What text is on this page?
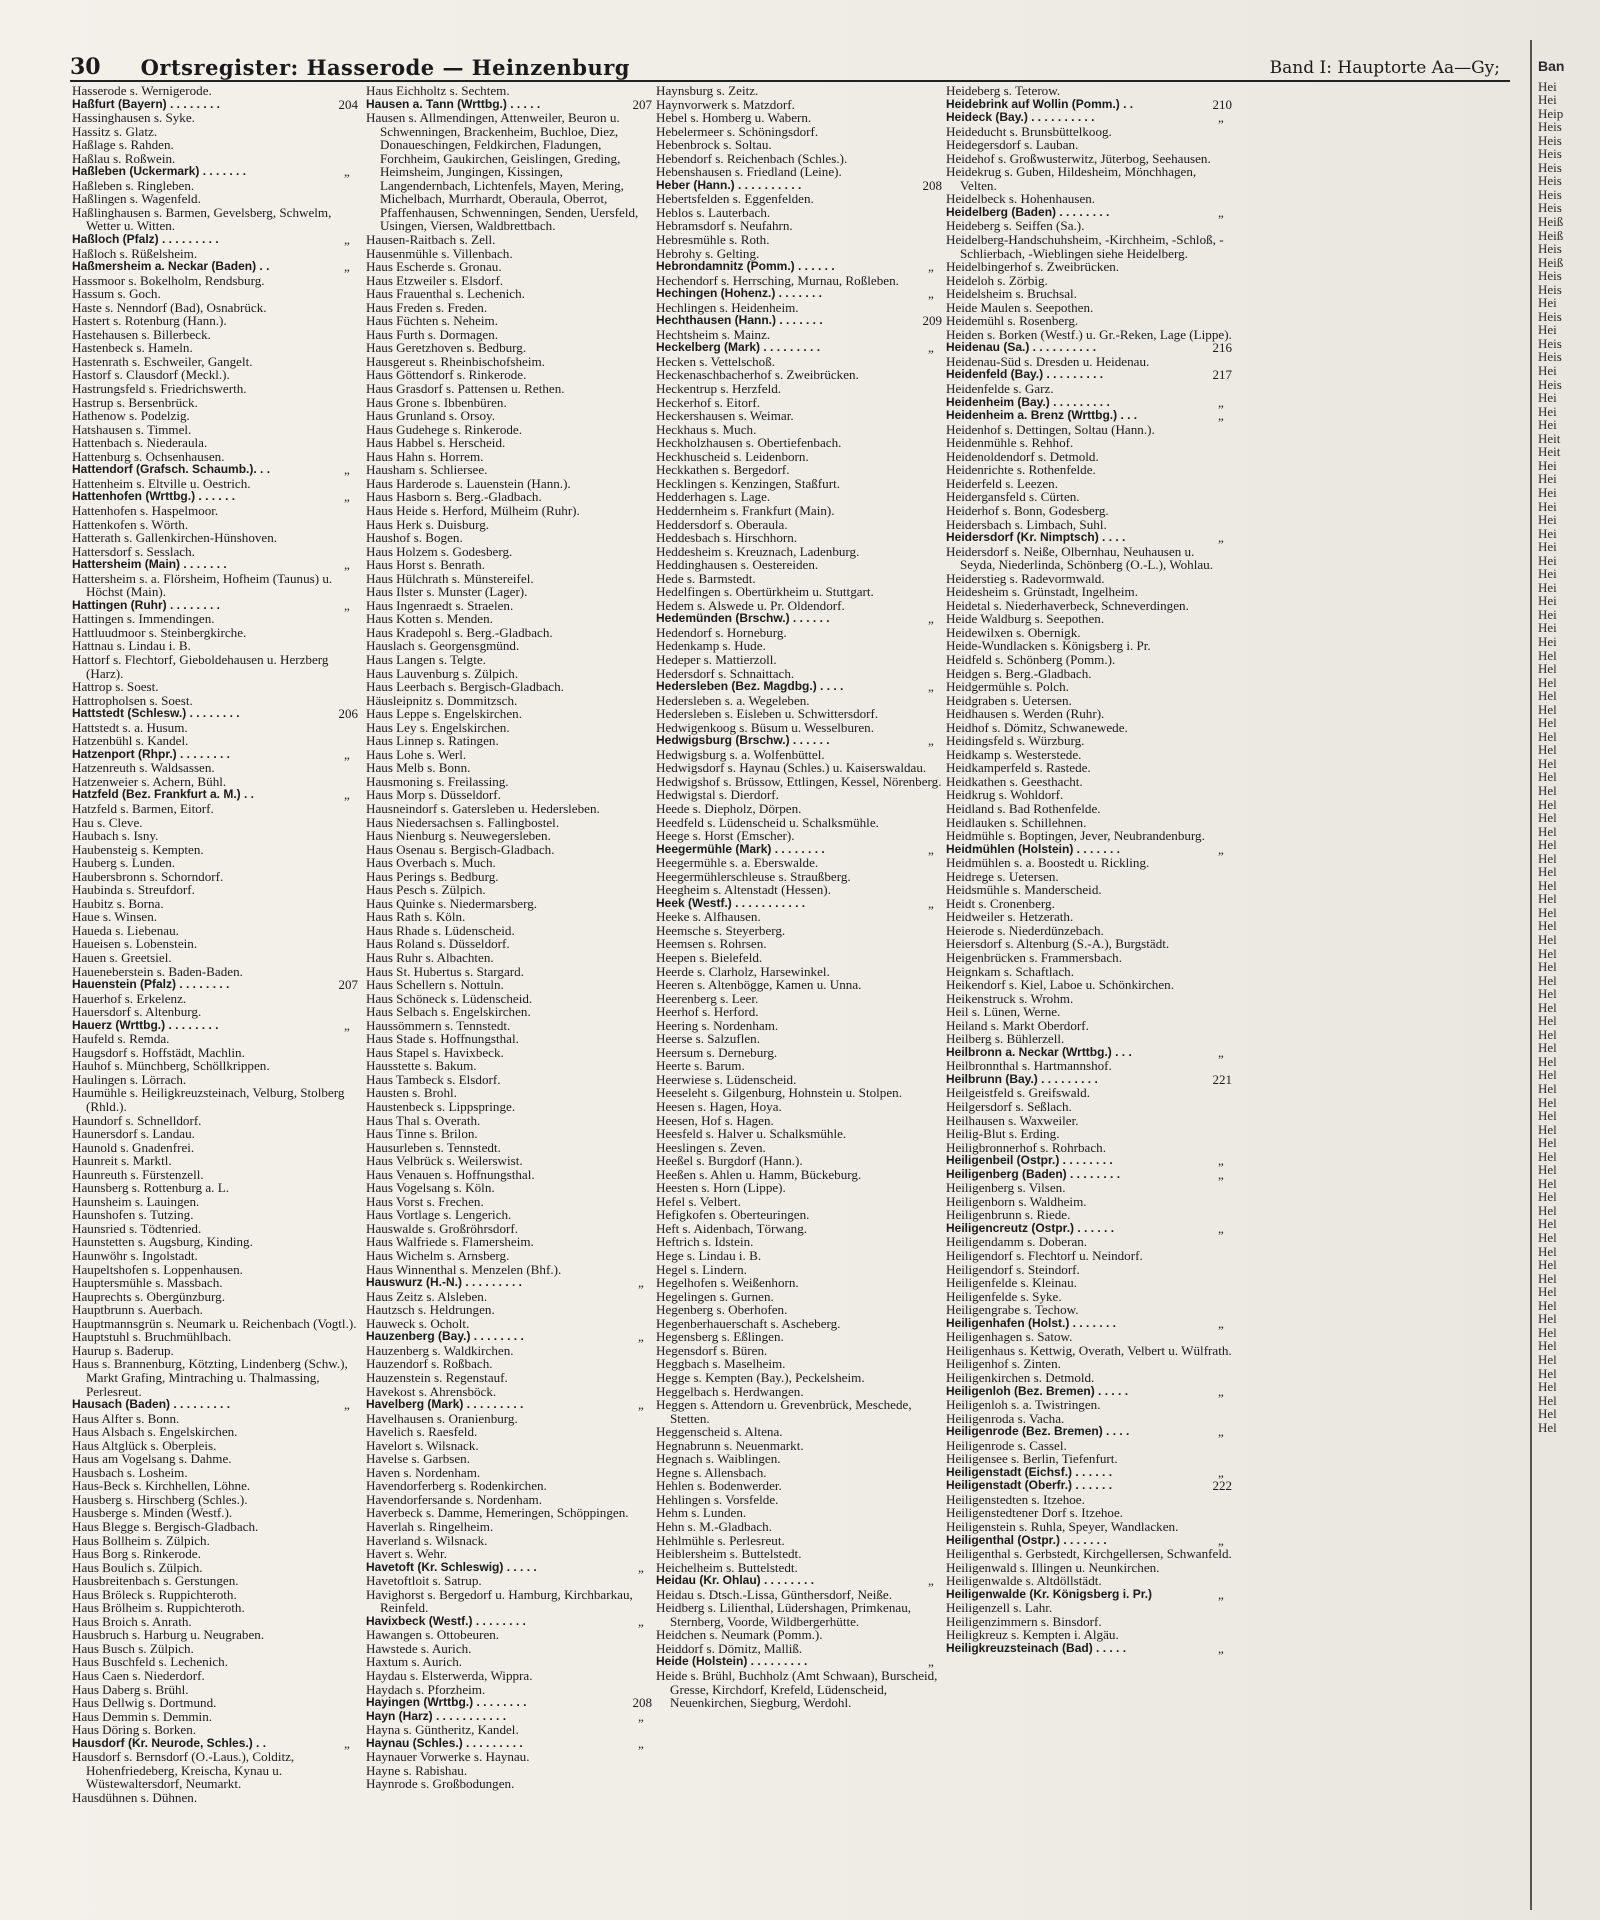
30 Ortsregister: Hasserode — Heinzenburg	Band I: Hauptorte Aa—Gy;
Hasserode s. Wernigerode.
204
Haßfurt (Bayern) . . . . . . . .
Hassinghausen s. Syke.
Hassitz s. Glatz.
Haßlage s. Rahden.
Haßlau s. Roßwein.
„
Haßleben (Uckermark) . . . . . . .
Haßleben s. Ringleben.
Haßlingen s. Wagenfeld.
Haßlinghausen s. Barmen, Gevelsberg, Schwelm, Wetter u. Witten.
„
Haßloch (Pfalz) . . . . . . . . .
Haßloch s. Rüßelsheim.
„
Haßmersheim a. Neckar (Baden) . .
Hassmoor s. Bokelholm, Rendsburg.
Hassum s. Goch.
Haste s. Nenndorf (Bad), Osnabrück.
Hastert s. Rotenburg (Hann.).
Hastehausen s. Billerbeck.
Hastenbeck s. Hameln.
Hastenrath s. Eschweiler, Gangelt.
Hastorf s. Clausdorf (Meckl.).
Hastrungsfeld s. Friedrichswerth.
Hastrup s. Bersenbrück.
Hathenow s. Podelzig.
Hatshausen s. Timmel.
Hattenbach s. Niederaula.
Hattenburg s. Ochsenhausen.
„
Hattendorf (Grafsch. Schaumb.). . .
Hattenheim s. Eltville u. Oestrich.
„
Hattenhofen (Wrttbg.) . . . . . .
Hattenhofen s. Haspelmoor.
Hattenkofen s. Wörth.
Hatterath s. Gallenkirchen-Hünshoven.
Hattersdorf s. Sesslach.
„
Hattersheim (Main) . . . . . . .
Hattersheim s. a. Flörsheim, Hofheim (Taunus) u. Höchst (Main).
„
Hattingen (Ruhr) . . . . . . . .
Hattingen s. Immendingen.
Hattluudmoor s. Steinbergkirche.
Hattnau s. Lindau i. B.
Hattorf s. Flechtorf, Gieboldehausen u. Herzberg (Harz).
Hattrop s. Soest.
Hattropholsen s. Soest.
206
Hattstedt (Schlesw.) . . . . . . . .
Hattstedt s. a. Husum.
Hatzenbühl s. Kandel.
„
Hatzenport (Rhpr.) . . . . . . . .
Hatzenreuth s. Waldsassen.
Hatzenweier s. Achern, Bühl.
„
Hatzfeld (Bez. Frankfurt a. M.) . .
Hatzfeld s. Barmen, Eitorf.
Hau s. Cleve.
Haubach s. Isny.
Haubensteig s. Kempten.
Hauberg s. Lunden.
Haubersbronn s. Schorndorf.
Haubinda s. Streufdorf.
Haubitz s. Borna.
Haue s. Winsen.
Haueda s. Liebenau.
Haueisen s. Lobenstein.
Hauen s. Greetsiel.
Haueneberstein s. Baden-Baden.
207
Hauenstein (Pfalz) . . . . . . . .
Hauerhof s. Erkelenz.
Hauersdorf s. Altenburg.
„
Hauerz (Wrttbg.) . . . . . . . .
Haufeld s. Remda.
Haugsdorf s. Hoffstädt, Machlin.
Hauhof s. Münchberg, Schöllkrippen.
Haulingen s. Lörrach.
Haumühle s. Heiligkreuzsteinach, Velburg, Stolberg (Rhld.).
Haundorf s. Schnelldorf.
Haunersdorf s. Landau.
Haunold s. Gnadenfrei.
Haunreit s. Marktl.
Haunreuth s. Fürstenzell.
Haunsberg s. Rottenburg a. L.
Haunsheim s. Lauingen.
Haunshofen s. Tutzing.
Haunsried s. Tödtenried.
Haunstetten s. Augsburg, Kinding.
Haunwöhr s. Ingolstadt.
Haupeltshofen s. Loppenhausen.
Hauptersmühle s. Massbach.
Hauprechts s. Obergünzburg.
Hauptbrunn s. Auerbach.
Hauptmannsgrün s. Neumark u. Reichenbach (Vogtl.).
Hauptstuhl s. Bruchmühlbach.
Haurup s. Baderup.
Haus s. Brannenburg, Kötzting, Lindenberg (Schw.), Markt Grafing, Mintraching u. Thalmassing, Perlesreut.
„
Hausach (Baden) . . . . . . . . .
Haus Alfter s. Bonn.
Haus Alsbach s. Engelskirchen.
Haus Altglück s. Oberpleis.
Haus am Vogelsang s. Dahme.
Hausbach s. Losheim.
Haus-Beck s. Kirchhellen, Löhne.
Hausberg s. Hirschberg (Schles.).
Hausberge s. Minden (Westf.).
Haus Blegge s. Bergisch-Gladbach.
Haus Bollheim s. Zülpich.
Haus Borg s. Rinkerode.
Haus Boulich s. Zülpich.
Hausbreitenbach s. Gerstungen.
Haus Bröleck s. Ruppichteroth.
Haus Brölheim s. Ruppichteroth.
Haus Broich s. Anrath.
Hausbruch s. Harburg u. Neugraben.
Haus Busch s. Zülpich.
Haus Buschfeld s. Lechenich.
Haus Caen s. Niederdorf.
Haus Daberg s. Brühl.
Haus Dellwig s. Dortmund.
Haus Demmin s. Demmin.
Haus Döring s. Borken.
„
Hausdorf (Kr. Neurode, Schles.) . .
Hausdorf s. Bernsdorf (O.-Laus.), Colditz, Hohenfriedeberg, Kreischa, Kynau u. Wüstewaltersdorf, Neumarkt.
Hausdühnen s. Dühnen.
Haus Eichholtz s. Sechtem.
207
Hausen a. Tann (Wrttbg.) . . . . .
Hausen s. Allmendingen, Attenweiler, Beuron u. Schwenningen, Brackenheim, Buchloe, Diez, Donaueschingen, Feldkirchen, Fladungen, Forchheim, Gaukirchen, Geislingen, Greding, Heimsheim, Jungingen, Kissingen, Langendernbach, Lichtenfels, Mayen, Mering, Michelbach, Murrhardt, Oberaula, Oberrot, Pfaffenhausen, Schwenningen, Senden, Uersfeld, Usingen, Viersen, Waldbrettbach.
Hausen-Raitbach s. Zell.
Hausenmühle s. Villenbach.
Haus Escherde s. Gronau.
Haus Etzweiler s. Elsdorf.
Haus Frauenthal s. Lechenich.
Haus Freden s. Freden.
Haus Füchten s. Neheim.
Haus Furth s. Dormagen.
Haus Geretzhoven s. Bedburg.
Hausgereut s. Rheinbischofsheim.
Haus Göttendorf s. Rinkerode.
Haus Grasdorf s. Pattensen u. Rethen.
Haus Grone s. Ibbenbüren.
Haus Grunland s. Orsoy.
Haus Gudehege s. Rinkerode.
Haus Habbel s. Herscheid.
Haus Hahn s. Horrem.
Hausham s. Schliersee.
Haus Harderode s. Lauenstein (Hann.).
Haus Hasborn s. Berg.-Gladbach.
Haus Heide s. Herford, Mülheim (Ruhr).
Haus Herk s. Duisburg.
Haushof s. Bogen.
Haus Holzem s. Godesberg.
Haus Horst s. Benrath.
Haus Hülchrath s. Münstereifel.
Haus Ilster s. Munster (Lager).
Haus Ingenraedt s. Straelen.
Haus Kotten s. Menden.
Haus Kradepohl s. Berg.-Gladbach.
Hauslach s. Georgensgmünd.
Haus Langen s. Telgte.
Haus Lauvenburg s. Zülpich.
Haus Leerbach s. Bergisch-Gladbach.
Häusleipnitz s. Dommitzsch.
Haus Leppe s. Engelskirchen.
Haus Ley s. Engelskirchen.
Haus Linnep s. Ratingen.
Haus Lohe s. Werl.
Haus Melb s. Bonn.
Hausmoning s. Freilassing.
Haus Morp s. Düsseldorf.
Hausneindorf s. Gatersleben u. Hedersleben.
Haus Niedersachsen s. Fallingbostel.
Haus Nienburg s. Neuwegersleben.
Haus Osenau s. Bergisch-Gladbach.
Haus Overbach s. Much.
Haus Perings s. Bedburg.
Haus Pesch s. Zülpich.
Haus Quinke s. Niedermarsberg.
Haus Rath s. Köln.
Haus Rhade s. Lüdenscheid.
Haus Roland s. Düsseldorf.
Haus Ruhr s. Albachten.
Haus St. Hubertus s. Stargard.
Haus Schellern s. Nottuln.
Haus Schöneck s. Lüdenscheid.
Haus Selbach s. Engelskirchen.
Haussömmern s. Tennstedt.
Haus Stade s. Hoffnungsthal.
Haus Stapel s. Havixbeck.
Hausstette s. Bakum.
Haus Tambeck s. Elsdorf.
Hausten s. Brohl.
Haustenbeck s. Lippspringe.
Haus Thal s. Overath.
Haus Tinne s. Brilon.
Hausurleben s. Tennstedt.
Haus Velbrück s. Weilerswist.
Haus Venauen s. Hoffnungsthal.
Haus Vogelsang s. Köln.
Haus Vorst s. Frechen.
Haus Vortlage s. Lengerich.
Hauswalde s. Großröhrsdorf.
Haus Walfriede s. Flamersheim.
Haus Wichelm s. Arnsberg.
Haus Winnenthal s. Menzelen (Bhf.).
„
Hauswurz (H.-N.) . . . . . . . . .
Haus Zeitz s. Alsleben.
Hautzsch s. Heldrungen.
Hauweck s. Ocholt.
„
Hauzenberg (Bay.) . . . . . . . .
Hauzenberg s. Waldkirchen.
Hauzendorf s. Roßbach.
Hauzenstein s. Regenstauf.
Havekost s. Ahrensböck.
„
Havelberg (Mark) . . . . . . . . .
Havelhausen s. Oranienburg.
Havelich s. Raesfeld.
Havelort s. Wilsnack.
Havelse s. Garbsen.
Haven s. Nordenham.
Havendorferberg s. Rodenkirchen.
Havendorfersande s. Nordenham.
Haverbeck s. Damme, Hemeringen, Schöppingen.
Haverlah s. Ringelheim.
Haverland s. Wilsnack.
Havert s. Wehr.
„
Havetoft (Kr. Schleswig) . . . . .
Havetoftloit s. Satrup.
Havighorst s. Bergedorf u. Hamburg, Kirchbarkau, Reinfeld.
„
Havixbeck (Westf.) . . . . . . . .
Hawangen s. Ottobeuren.
Hawstede s. Aurich.
Haxtum s. Aurich.
Haydau s. Elsterwerda, Wippra.
Haydach s. Pforzheim.
208
Hayingen (Wrttbg.) . . . . . . . .
„
Hayn (Harz) . . . . . . . . . . .
Hayna s. Güntheritz, Kandel.
„
Haynau (Schles.) . . . . . . . . .
Haynauer Vorwerke s. Haynau.
Hayne s. Rabishau.
Haynrode s. Großbodungen.
Haynsburg s. Zeitz.
Haynvorwerk s. Matzdorf.
Hebel s. Homberg u. Wabern.
Hebelermeer s. Schöningsdorf.
Hebenbrock s. Soltau.
Hebendorf s. Reichenbach (Schles.).
Hebenshausen s. Friedland (Leine).
208
Heber (Hann.) . . . . . . . . . .
Hebertsfelden s. Eggenfelden.
Heblos s. Lauterbach.
Hebramsdorf s. Neufahrn.
Hebresmühle s. Roth.
Hebrohy s. Gelting.
„
Hebrondamnitz (Pomm.) . . . . . .
Hechendorf s. Herrsching, Murnau, Roßleben.
„
Hechingen (Hohenz.) . . . . . . .
Hechlingen s. Heidenheim.
209
Hechthausen (Hann.) . . . . . . .
Hechtsheim s. Mainz.
„
Heckelberg (Mark) . . . . . . . . .
Hecken s. Vettelschoß.
Heckenaschbacherhof s. Zweibrücken.
Heckentrup s. Herzfeld.
Heckerhof s. Eitorf.
Heckershausen s. Weimar.
Heckhaus s. Much.
Heckholzhausen s. Obertiefenbach.
Heckhuscheid s. Leidenborn.
Heckkathen s. Bergedorf.
Hecklingen s. Kenzingen, Staßfurt.
Hedderhagen s. Lage.
Heddernheim s. Frankfurt (Main).
Heddersdorf s. Oberaula.
Heddesbach s. Hirschhorn.
Heddesheim s. Kreuznach, Ladenburg.
Heddinghausen s. Oestereiden.
Hede s. Barmstedt.
Hedelfingen s. Obertürkheim u. Stuttgart.
Hedem s. Alswede u. Pr. Oldendorf.
„
Hedemünden (Brschw.) . . . . . .
Hedendorf s. Horneburg.
Hedenkamp s. Hude.
Hedeper s. Mattierzoll.
Hedersdorf s. Schnaittach.
„
Hedersleben (Bez. Magdbg.) . . . .
Hedersleben s. a. Wegeleben.
Hedersleben s. Eisleben u. Schwittersdorf.
Hedwigenkoog s. Büsum u. Wesselburen.
„
Hedwigsburg (Brschw.) . . . . . .
Hedwigsburg s. a. Wolfenbüttel.
Hedwigsdorf s. Haynau (Schles.) u. Kaiserswaldau.
Hedwigshof s. Brüssow, Ettlingen, Kessel, Nörenberg.
Hedwigstal s. Dierdorf.
Heede s. Diepholz, Dörpen.
Heedfeld s. Lüdenscheid u. Schalksmühle.
Heege s. Horst (Emscher).
„
Heegermühle (Mark) . . . . . . . .
Heegermühle s. a. Eberswalde.
Heegermühlerschleuse s. Straußberg.
Heegheim s. Altenstadt (Hessen).
„
Heek (Westf.) . . . . . . . . . . .
Heeke s. Alfhausen.
Heemsche s. Steyerberg.
Heemsen s. Rohrsen.
Heepen s. Bielefeld.
Heerde s. Clarholz, Harsewinkel.
Heeren s. Altenbögge, Kamen u. Unna.
Heerenberg s. Leer.
Heerhof s. Herford.
Heering s. Nordenham.
Heerse s. Salzuflen.
Heersum s. Derneburg.
Heerte s. Barum.
Heerwiese s. Lüdenscheid.
Heeseleht s. Gilgenburg, Hohnstein u. Stolpen.
Heesen s. Hagen, Hoya.
Heesen, Hof s. Hagen.
Heesfeld s. Halver u. Schalksmühle.
Heeslingen s. Zeven.
Heeßel s. Burgdorf (Hann.).
Heeßen s. Ahlen u. Hamm, Bückeburg.
Heesten s. Horn (Lippe).
Hefel s. Velbert.
Hefigkofen s. Oberteuringen.
Heft s. Aidenbach, Törwang.
Heftrich s. Idstein.
Hege s. Lindau i. B.
Hegel s. Lindern.
Hegelhofen s. Weißenhorn.
Hegelingen s. Gurnen.
Hegenberg s. Oberhofen.
Hegenberhauerschaft s. Ascheberg.
Hegensberg s. Eßlingen.
Hegensdorf s. Büren.
Heggbach s. Maselheim.
Hegge s. Kempten (Bay.), Peckelsheim.
Heggelbach s. Herdwangen.
Heggen s. Attendorn u. Grevenbrück, Meschede, Stetten.
Heggenscheid s. Altena.
Hegnabrunn s. Neuenmarkt.
Hegnach s. Waiblingen.
Hegne s. Allensbach.
Hehlen s. Bodenwerder.
Hehlingen s. Vorsfelde.
Hehm s. Lunden.
Hehn s. M.-Gladbach.
Hehlmühle s. Perlesreut.
Heiblersheim s. Buttelstedt.
Heichelheim s. Buttelstedt.
„
Heidau (Kr. Ohlau) . . . . . . . .
Heidau s. Dtsch.-Lissa, Günthersdorf, Neiße.
Heidberg s. Lilienthal, Lüdershagen, Primkenau, Sternberg, Voorde, Wildbergerhütte.
Heidchen s. Neumark (Pomm.).
Heiddorf s. Dömitz, Malliß.
„
Heide (Holstein) . . . . . . . . .
Heide s. Brühl, Buchholz (Amt Schwaan), Burscheid, Gresse, Kirchdorf, Krefeld, Lüdenscheid, Neuenkirchen, Siegburg, Werdohl.
Heideberg s. Teterow.
210
Heidebrink auf Wollin (Pomm.) . .
„
Heideck (Bay.) . . . . . . . . . .
Heideducht s. Brunsbüttelkoog.
Heidegersdorf s. Lauban.
Heidehof s. Großwusterwitz, Jüterbog, Seehausen.
Heidekrug s. Guben, Hildesheim, Mönchhagen, Velten.
Heidelbeck s. Hohenhausen.
„
Heidelberg (Baden) . . . . . . . .
Heideberg s. Seiffen (Sa.).
Heidelberg-Handschuhsheim, -Kirchheim, -Schloß, -Schlierbach, -Wieblingen siehe Heidelberg.
Heidelbingerhof s. Zweibrücken.
Heideloh s. Zörbig.
Heidelsheim s. Bruchsal.
Heide Maulen s. Seepothen.
Heidemühl s. Rosenberg.
Heiden s. Borken (Westf.) u. Gr.-Reken, Lage (Lippe).
216
Heidenau (Sa.) . . . . . . . . . .
Heidenau-Süd s. Dresden u. Heidenau.
217
Heidenfeld (Bay.) . . . . . . . . .
Heidenfelde s. Garz.
„
Heidenheim (Bay.) . . . . . . . . .
„
Heidenheim a. Brenz (Wrttbg.) . . .
Heidenhof s. Dettingen, Soltau (Hann.).
Heidenmühle s. Rehhof.
Heidenoldendorf s. Detmold.
Heidenrichte s. Rothenfelde.
Heiderfeld s. Leezen.
Heidergansfeld s. Cürten.
Heiderhof s. Bonn, Godesberg.
Heidersbach s. Limbach, Suhl.
„
Heidersdorf (Kr. Nimptsch) . . . .
Heidersdorf s. Neiße, Olbernhau, Neuhausen u. Seyda, Niederlinda, Schönberg (O.-L.), Wohlau.
Heiderstieg s. Radevormwald.
Heidesheim s. Grünstadt, Ingelheim.
Heidetal s. Niederhaverbeck, Schneverdingen.
Heide Waldburg s. Seepothen.
Heidewilxen s. Obernigk.
Heide-Wundlacken s. Königsberg i. Pr.
Heidfeld s. Schönberg (Pomm.).
Heidgen s. Berg.-Gladbach.
Heidgermühle s. Polch.
Heidgraben s. Uetersen.
Heidhausen s. Werden (Ruhr).
Heidhof s. Dömitz, Schwanewede.
Heidingsfeld s. Würzburg.
Heidkamp s. Westerstede.
Heidkamperfeld s. Rastede.
Heidkathen s. Geesthacht.
Heidkrug s. Wohldorf.
Heidland s. Bad Rothenfelde.
Heidlauken s. Schillehnen.
Heidmühle s. Boptingen, Jever, Neubrandenburg.
„
Heidmühlen (Holstein) . . . . . . .
Heidmühlen s. a. Boostedt u. Rickling.
Heidrege s. Uetersen.
Heidsmühle s. Manderscheid.
Heidt s. Cronenberg.
Heidweiler s. Hetzerath.
Heierode s. Niederdünzebach.
Heiersdorf s. Altenburg (S.-A.), Burgstädt.
Heigenbrücken s. Frammersbach.
Heignkam s. Schaftlach.
Heikendorf s. Kiel, Laboe u. Schönkirchen.
Heikenstruck s. Wrohm.
Heil s. Lünen, Werne.
Heiland s. Markt Oberdorf.
Heilberg s. Bühlerzell.
„
Heilbronn a. Neckar (Wrttbg.) . . .
Heilbronnthal s. Hartmannshof.
221
Heilbrunn (Bay.) . . . . . . . . .
Heilgeistfeld s. Greifswald.
Heilgersdorf s. Seßlach.
Heilhausen s. Waxweiler.
Heilig-Blut s. Erding.
Heiligbronnerhof s. Rohrbach.
„
Heiligenbeil (Ostpr.) . . . . . . . .
„
Heiligenberg (Baden) . . . . . . . .
Heiligenberg s. Vilsen.
Heiligenborn s. Waldheim.
Heiligenbrunn s. Riede.
„
Heiligencreutz (Ostpr.) . . . . . .
Heiligendamm s. Doberan.
Heiligendorf s. Flechtorf u. Neindorf.
Heiligendorf s. Steindorf.
Heiligenfelde s. Kleinau.
Heiligenfelde s. Syke.
Heiligengrabe s. Techow.
„
Heiligenhafen (Holst.) . . . . . . .
Heiligenhagen s. Satow.
Heiligenhaus s. Kettwig, Overath, Velbert u. Wülfrath.
Heiligenhof s. Zinten.
Heiligenkirchen s. Detmold.
„
Heiligenloh (Bez. Bremen) . . . . .
Heiligenloh s. a. Twistringen.
Heiligenroda s. Vacha.
„
Heiligenrode (Bez. Bremen) . . . .
Heiligenrode s. Cassel.
Heiligensee s. Berlin, Tiefenfurt.
„
Heiligenstadt (Eichsf.) . . . . . .
222
Heiligenstadt (Oberfr.) . . . . . .
Heiligenstedten s. Itzehoe.
Heiligenstedtener Dorf s. Itzehoe.
Heiligenstein s. Ruhla, Speyer, Wandlacken.
„
Heiligenthal (Ostpr.) . . . . . . .
Heiligenthal s. Gerbstedt, Kirchgellersen, Schwanfeld.
Heiligenwald s. Illingen u. Neunkirchen.
Heiligenwalde s. Altdöllstädt.
„
Heiligenwalde (Kr. Königsberg i. Pr.)
Heiligenzell s. Lahr.
Heiligenzimmern s. Binsdorf.
Heiligkreuz s. Kempten i. Algäu.
„
Heiligkreuzsteinach (Bad) . . . . .
Ban
Hei
Hei
Heip
Heis
Heis
Heis
Heis
Heis
Heis
Heis
Heiß
Heiß
Heis
Heiß
Heis
Heis
Hei
Heis
Hei
Heis
Heis
Hei
Heis
Hei
Hei
Hei
Heit
Heit
Hei
Hei
Hei
Hei
Hei
Hei
Hei
Hei
Hei
Hei
Hei
Hei
Hei
Hei
Hel
Hel
Hel
Hel
Hel
Hel
Hel
Hel
Hel
Hel
Hel
Hel
Hel
Hel
Hel
Hel
Hel
Hel
Hel
Hel
Hel
Hel
Hel
Hel
Hel
Hel
Hel
Hel
Hel
Hel
Hel
Hel
Hel
Hel
Hel
Hel
Hel
Hel
Hel
Hel
Hel
Hel
Hel
Hel
Hel
Hel
Hel
Hel
Hel
Hel
Hel
Hel
Hel
Hel
Hel
Hel
Hel
Hel
